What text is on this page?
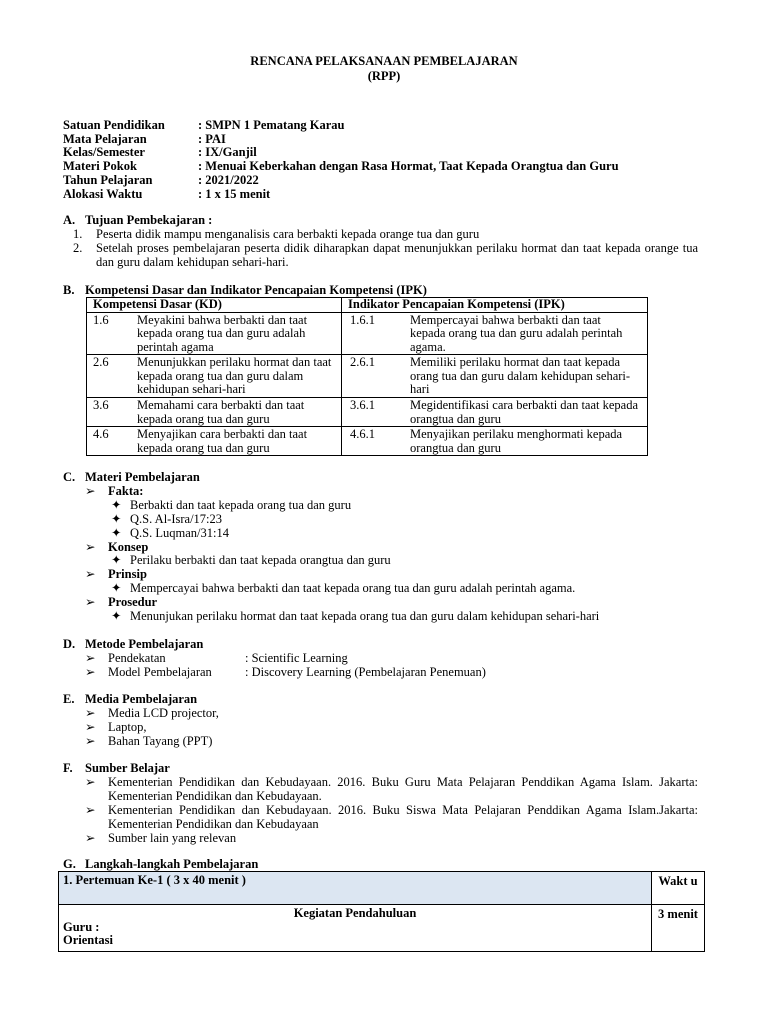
RENCANA PELAKSANAAN PEMBELAJARAN
(RPP)
Satuan Pendidikan	: SMPN 1 Pematang Karau
Mata Pelajaran	: PAI
Kelas/Semester	: IX/Ganjil
Materi Pokok	: Menuai Keberkahan dengan Rasa Hormat, Taat Kepada Orangtua dan Guru
Tahun Pelajaran	: 2021/2022
Alokasi Waktu	: 1 x 15 menit
A. Tujuan Pembekajaran :
1. Peserta didik mampu menganalisis cara berbakti kepada orange tua dan guru
2. Setelah proses pembelajaran peserta didik diharapkan dapat menunjukkan perilaku hormat dan taat kepada orange tua dan guru dalam kehidupan sehari-hari.
B. Kompetensi Dasar dan Indikator Pencapaian Kompetensi (IPK)
Kompetensi Dasar (KD)		Indikator Pencapaian Kompetensi (IPK)	
1.6	Meyakini bahwa berbakti dan taat kepada orang tua dan guru adalah perintah agama	1.6.1	Mempercayai bahwa berbakti dan taat kepada orang tua dan guru adalah perintah agama.
2.6	Menunjukkan perilaku hormat dan taat kepada orang tua dan guru dalam kehidupan sehari-hari	2.6.1	Memiliki perilaku hormat dan taat kepada orang tua dan guru dalam kehidupan sehari-hari
3.6	Memahami cara berbakti dan taat kepada orang tua dan guru	3.6.1	Megidentifikasi cara berbakti dan taat kepada orangtua dan guru
4.6	Menyajikan cara berbakti dan taat kepada orang tua dan guru	4.6.1	Menyajikan perilaku menghormati kepada orangtua dan guru
C. Materi Pembelajaran
➢ Fakta:
✦ Berbakti dan taat kepada orang tua dan guru
✦ Q.S. Al-Isra/17:23
✦ Q.S. Luqman/31:14
➢ Konsep
✦ Perilaku berbakti dan taat kepada orangtua dan guru
➢ Prinsip
✦ Mempercayai bahwa berbakti dan taat kepada orang tua dan guru adalah perintah agama.
➢ Prosedur
✦ Menunjukan perilaku hormat dan taat kepada orang tua dan guru dalam kehidupan sehari-hari
D. Metode Pembelajaran
➢ Pendekatan	: Scientific Learning
➢ Model Pembelajaran	: Discovery Learning (Pembelajaran Penemuan)
E. Media Pembelajaran
➢ Media LCD projector,
➢ Laptop,
➢ Bahan Tayang (PPT)
F. Sumber Belajar
➢ Kementerian Pendidikan dan Kebudayaan. 2016. Buku Guru Mata Pelajaran Penddikan Agama Islam. Jakarta: Kementerian Pendidikan dan Kebudayaan.
➢ Kementerian Pendidikan dan Kebudayaan. 2016. Buku Siswa Mata Pelajaran Penddikan Agama Islam.Jakarta: Kementerian Pendidikan dan Kebudayaan
➢ Sumber lain yang relevan
G. Langkah-langkah Pembelajaran
1. Pertemuan Ke-1 ( 3 x 40 menit )	Wakt u

Kegiatan Pendahuluan
Guru :
Orientasi	3 menit
